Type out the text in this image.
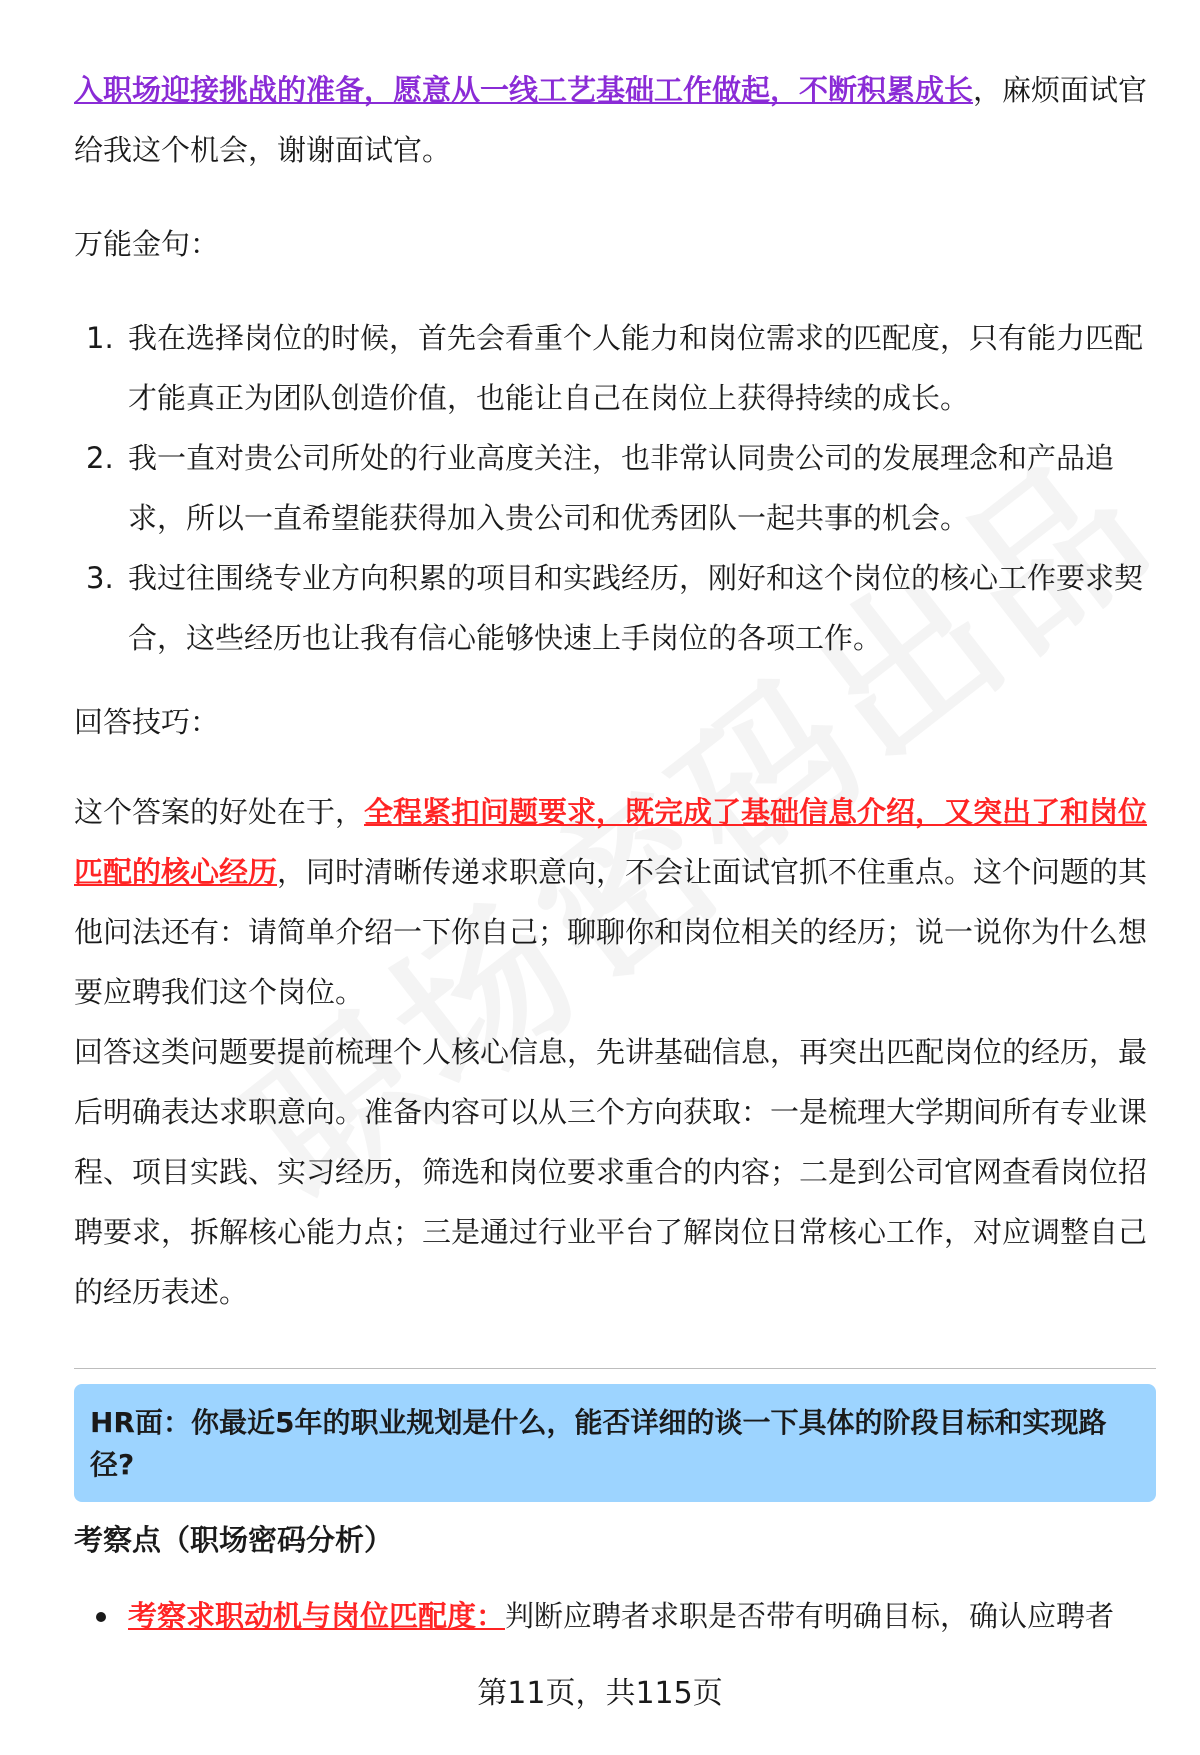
入职场迎接挑战的准备，愿意从一线工艺基础工作做起，不断积累成长，麻烦面试官给我这个机会，谢谢面试官。

万能金句：

1. 我在选择岗位的时候，首先会看重个人能力和岗位需求的匹配度，只有能力匹配才能真正为团队创造价值，也能让自己在岗位上获得持续的成长。
2. 我一直对贵公司所处的行业高度关注，也非常认同贵公司的发展理念和产品追求，所以一直希望能获得加入贵公司和优秀团队一起共事的机会。
3. 我过往围绕专业方向积累的项目和实践经历，刚好和这个岗位的核心工作要求契合，这些经历也让我有信心能够快速上手岗位的各项工作。

回答技巧：

这个答案的好处在于，全程紧扣问题要求，既完成了基础信息介绍，又突出了和岗位匹配的核心经历，同时清晰传递求职意向，不会让面试官抓不住重点。这个问题的其他问法还有：请简单介绍一下你自己；聊聊你和岗位相关的经历；说一说你为什么想要应聘我们这个岗位。

回答这类问题要提前梳理个人核心信息，先讲基础信息，再突出匹配岗位的经历，最后明确表达求职意向。准备内容可以从三个方向获取：一是梳理大学期间所有专业课程、项目实践、实习经历，筛选和岗位要求重合的内容；二是到公司官网查看岗位招聘要求，拆解核心能力点；三是通过行业平台了解岗位日常核心工作，对应调整自己的经历表述。

HR面：你最近5年的职业规划是什么，能否详细的谈一下具体的阶段目标和实现路径?
考察点（职场密码分析）
考察求职动机与岗位匹配度：判断应聘者求职是否带有明确目标，确认应聘者
第11页，共115页
